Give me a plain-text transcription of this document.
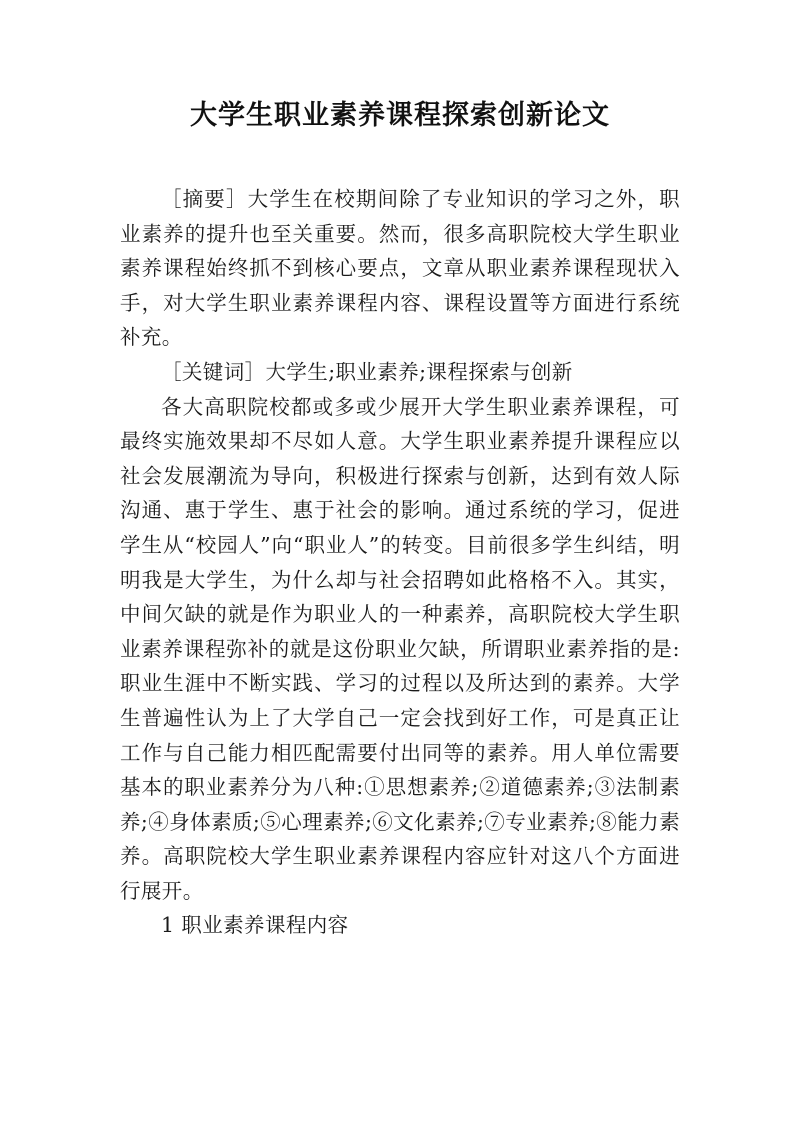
大学生职业素养课程探索创新论文

［摘要］大学生在校期间除了专业知识的学习之外，职业素养的提升也至关重要。然而，很多高职院校大学生职业素养课程始终抓不到核心要点，文章从职业素养课程现状入手，对大学生职业素养课程内容、课程设置等方面进行系统补充。

［关键词］大学生;职业素养;课程探索与创新

各大高职院校都或多或少展开大学生职业素养课程，可最终实施效果却不尽如人意。大学生职业素养提升课程应以社会发展潮流为导向，积极进行探索与创新，达到有效人际沟通、惠于学生、惠于社会的影响。通过系统的学习，促进学生从“校园人”向“职业人”的转变。目前很多学生纠结，明明我是大学生，为什么却与社会招聘如此格格不入。其实，中间欠缺的就是作为职业人的一种素养，高职院校大学生职业素养课程弥补的就是这份职业欠缺，所谓职业素养指的是:职业生涯中不断实践、学习的过程以及所达到的素养。大学生普遍性认为上了大学自己一定会找到好工作，可是真正让工作与自己能力相匹配需要付出同等的素养。用人单位需要基本的职业素养分为八种:①思想素养;②道德素养;③法制素养;④身体素质;⑤心理素养;⑥文化素养;⑦专业素养;⑧能力素养。高职院校大学生职业素养课程内容应针对这八个方面进行展开。

1 职业素养课程内容
